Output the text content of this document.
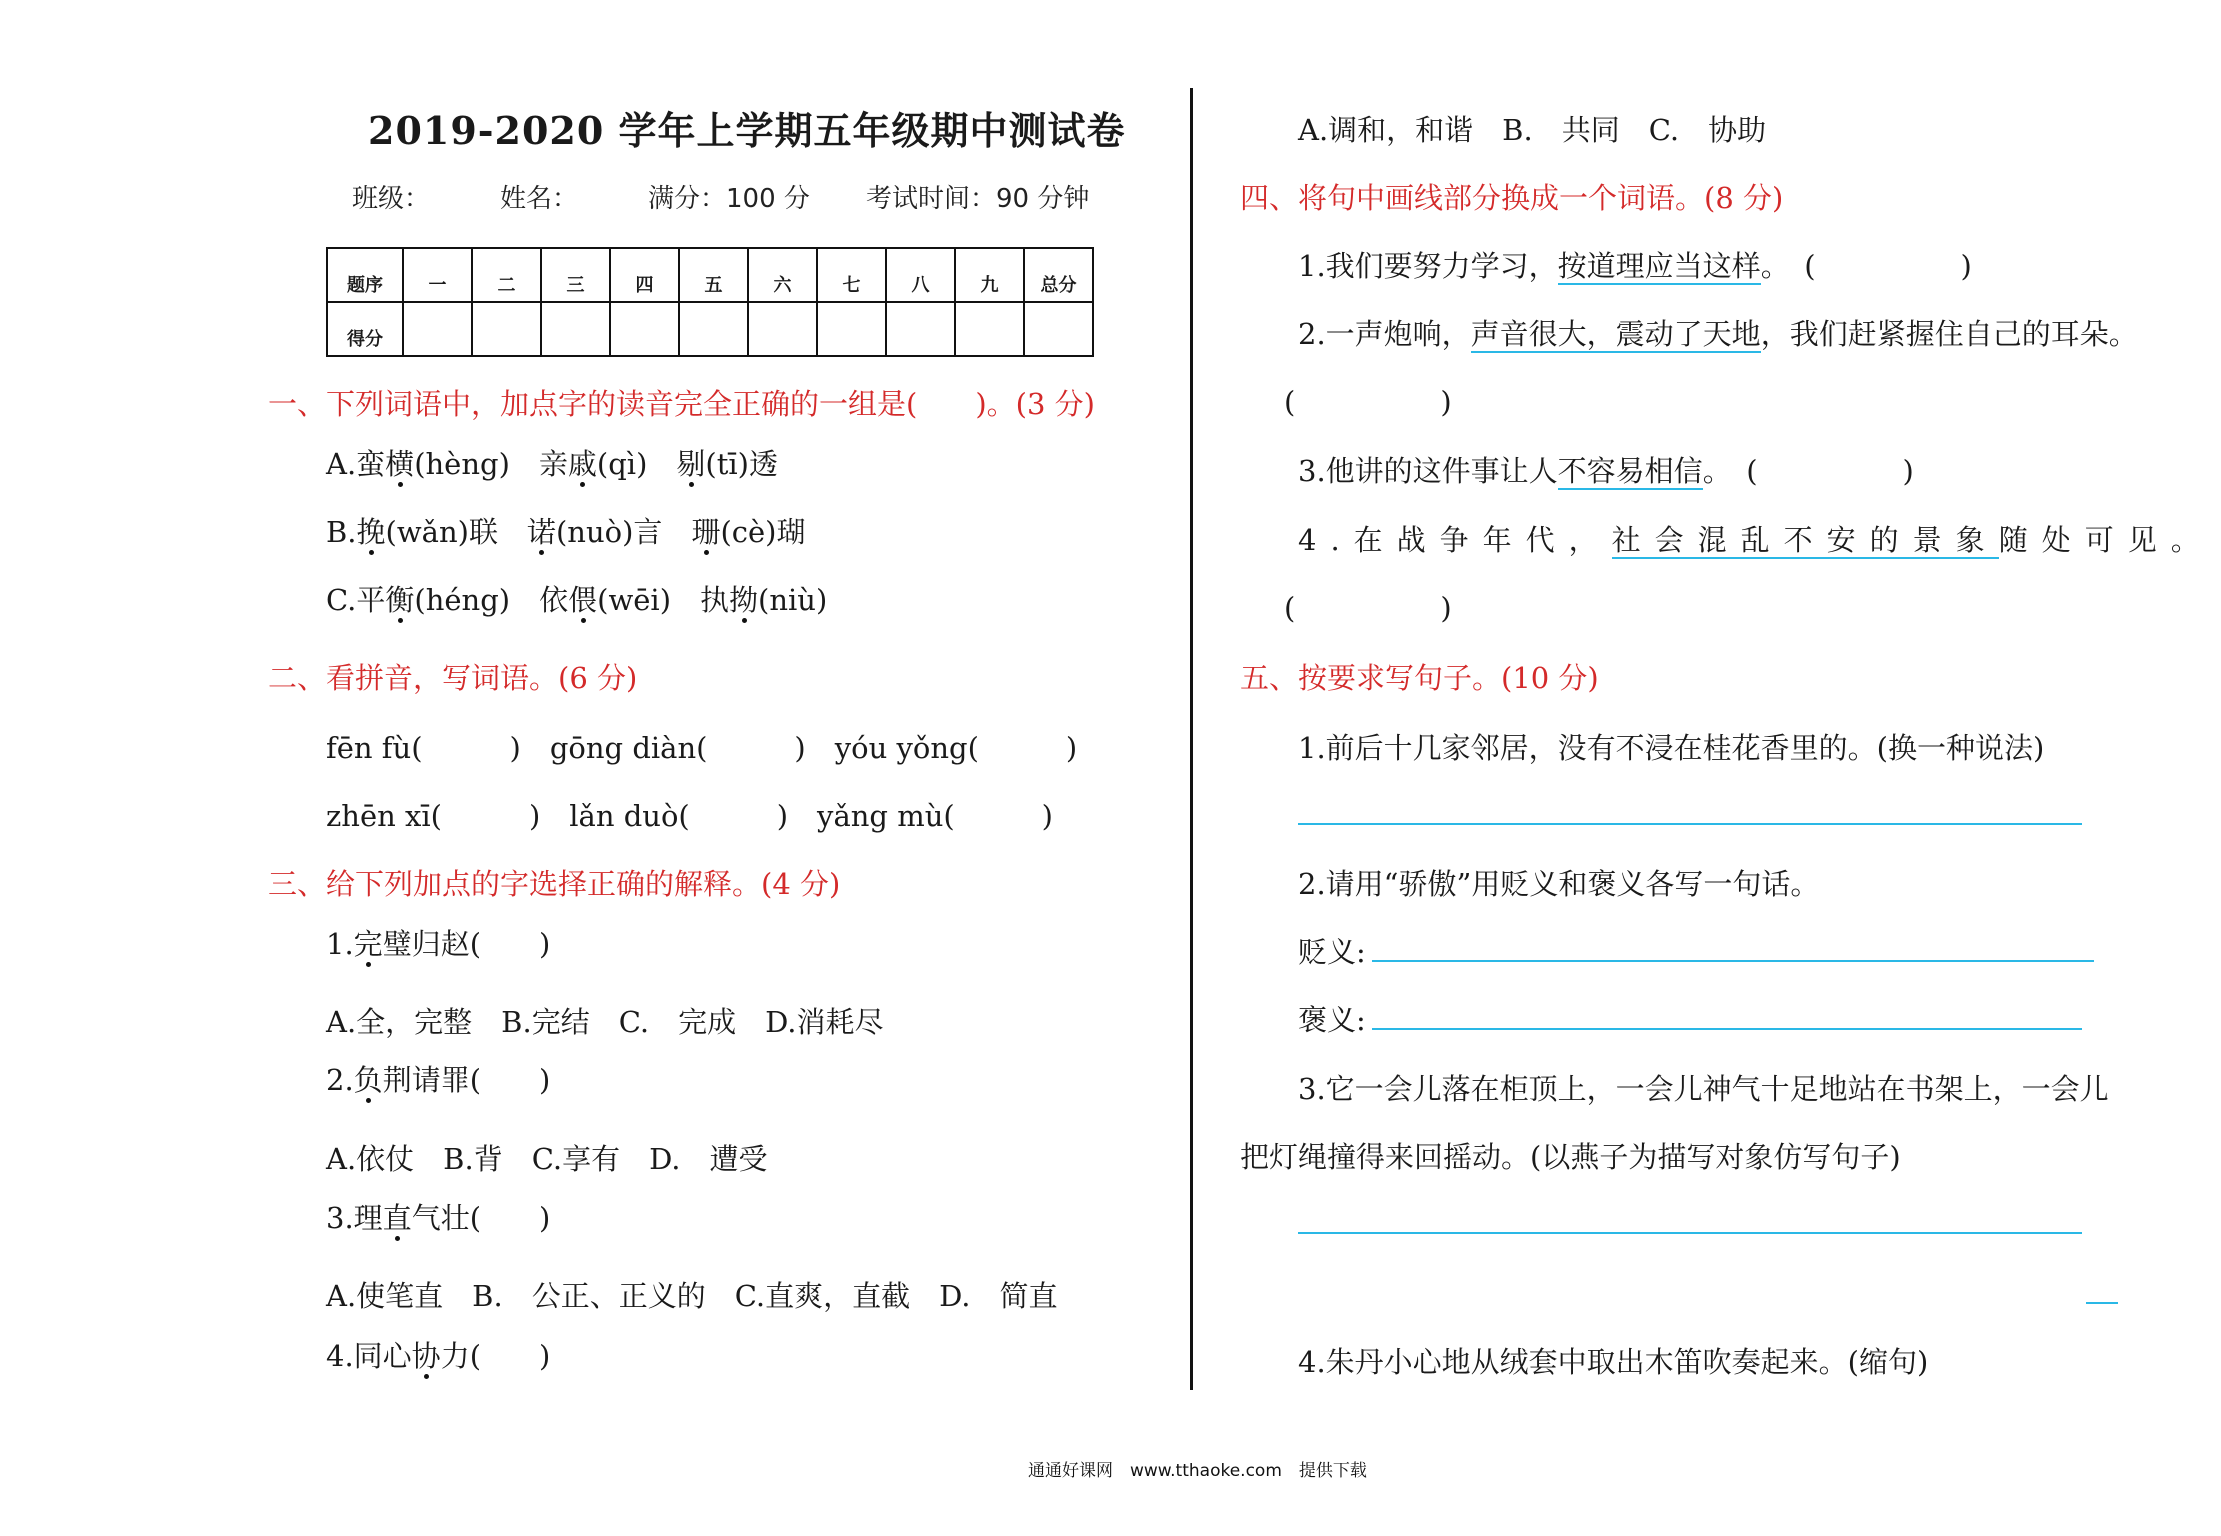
2019-2020 学年上学期五年级期中测试卷
班级：	姓名：	满分：100 分 考试时间：90 分钟
题序	一	二	三	四	五	六	七	八	九	总分
得分										
一、下列词语中，加点字的读音完全正确的一组是(　　)。(3 分)
A.蛮横(hèng)　亲戚(qì)　剔(tī)透
B.挽(wǎn)联　诺(nuò)言　珊(cè)瑚
C.平衡(héng)　依偎(wēi)　执拗(niù)
二、看拼音，写词语。(6 分)
fēn fù(　　　)　gōng diàn(　　　)　yóu yǒng(　　　)
zhēn xī(　　　)　lǎn duò(　　　)　yǎng mù(　　　)
三、给下列加点的字选择正确的解释。(4 分)
1.完璧归赵(　　)
A.全，完整　B.完结　C.　完成　D.消耗尽
2.负荆请罪(　　)
A.依仗　B.背　C.享有　D.　遭受
3.理直气壮(　　)
A.使笔直　B.　公正、正义的　C.直爽，直截　D.　简直
4.同心协力(　　)
A.调和，和谐　B.　共同　C.　协助
四、将句中画线部分换成一个词语。(8 分)
1.我们要努力学习，按道理应当这样。　(　　　　　)
2.一声炮响，声音很大，震动了天地，我们赶紧握住自己的耳朵。
(　　　　　)
3.他讲的这件事让人不容易相信。　(　　　　　)
4.在战争年代，社会混乱不安的景象随处可见。
(　　　　　)
五、按要求写句子。(10 分)
1.前后十几家邻居，没有不浸在桂花香里的。(换一种说法)
2.请用“骄傲”用贬义和褒义各写一句话。
贬义:
褒义:
3.它一会儿落在柜顶上，一会儿神气十足地站在书架上，一会儿
把灯绳撞得来回摇动。(以燕子为描写对象仿写句子)
4.朱丹小心地从绒套中取出木笛吹奏起来。(缩句)
通通好课网　www.tthaoke.com　提供下载
